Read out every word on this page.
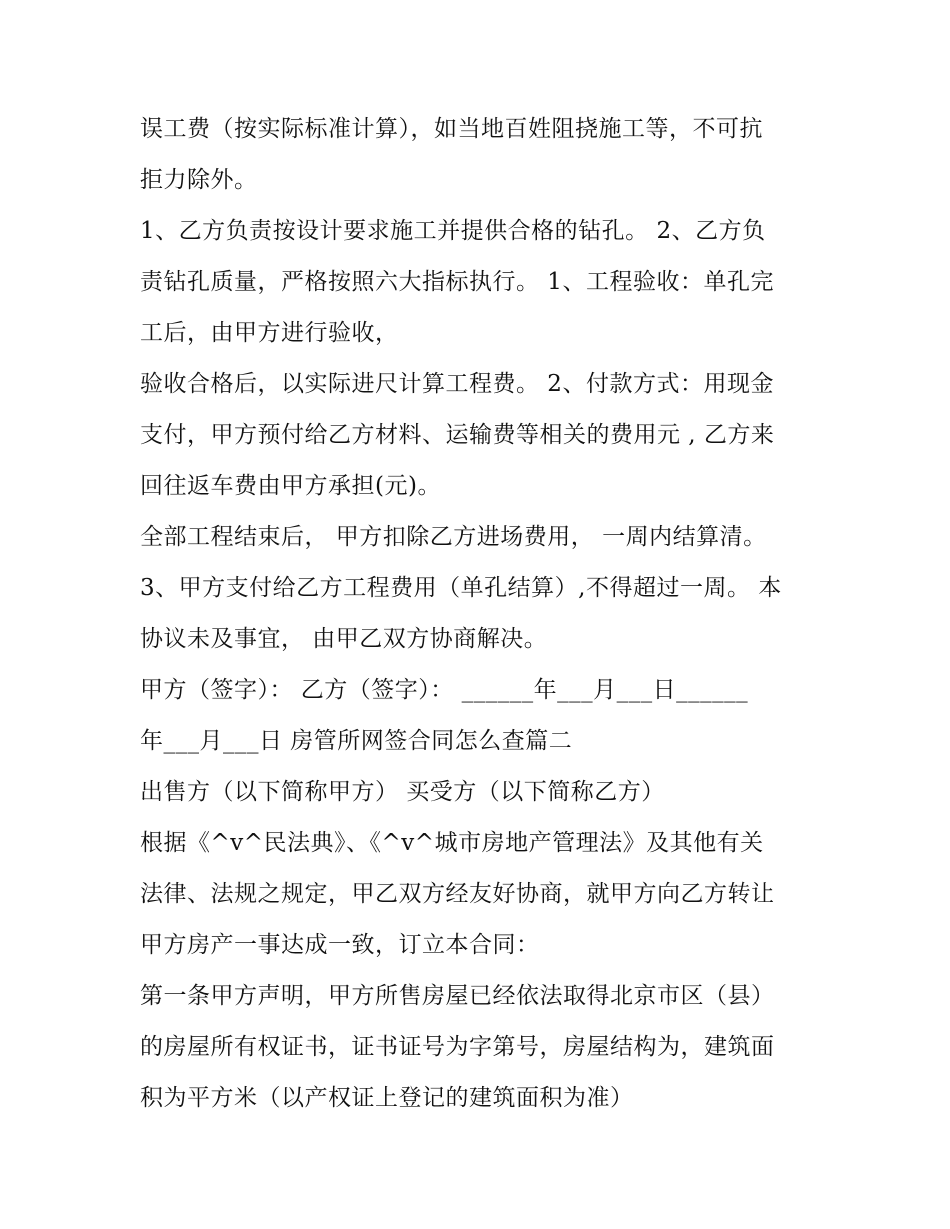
误工费（按实际标准计算），如当地百姓阻挠施工等，不可抗
拒力除外。
1、乙方负责按设计要求施工并提供合格的钻孔。 2、乙方负
责钻孔质量，严格按照六大指标执行。 1、工程验收：单孔完
工后，由甲方进行验收，
验收合格后，以实际进尺计算工程费。 2、付款方式：用现金
支付，甲方预付给乙方材料、运输费等相关的费用元 , 乙方来
回往返车费由甲方承担(元)。
全部工程结束后， 甲方扣除乙方进场费用， 一周内结算清。
3、甲方支付给乙方工程费用（单孔结算）,不得超过一周。 本
协议未及事宜， 由甲乙双方协商解决。
甲方（签字）： 乙方（签字）： ______年___月___日______
年___月___日 房管所网签合同怎么查篇二
出售方（以下简称甲方） 买受方（以下简称乙方）
根据《^v^民法典》、《^v^城市房地产管理法》及其他有关
法律、法规之规定，甲乙双方经友好协商，就甲方向乙方转让
甲方房产一事达成一致，订立本合同：
第一条甲方声明，甲方所售房屋已经依法取得北京市区（县）
的房屋所有权证书，证书证号为字第号，房屋结构为，建筑面
积为平方米（以产权证上登记的建筑面积为准）
